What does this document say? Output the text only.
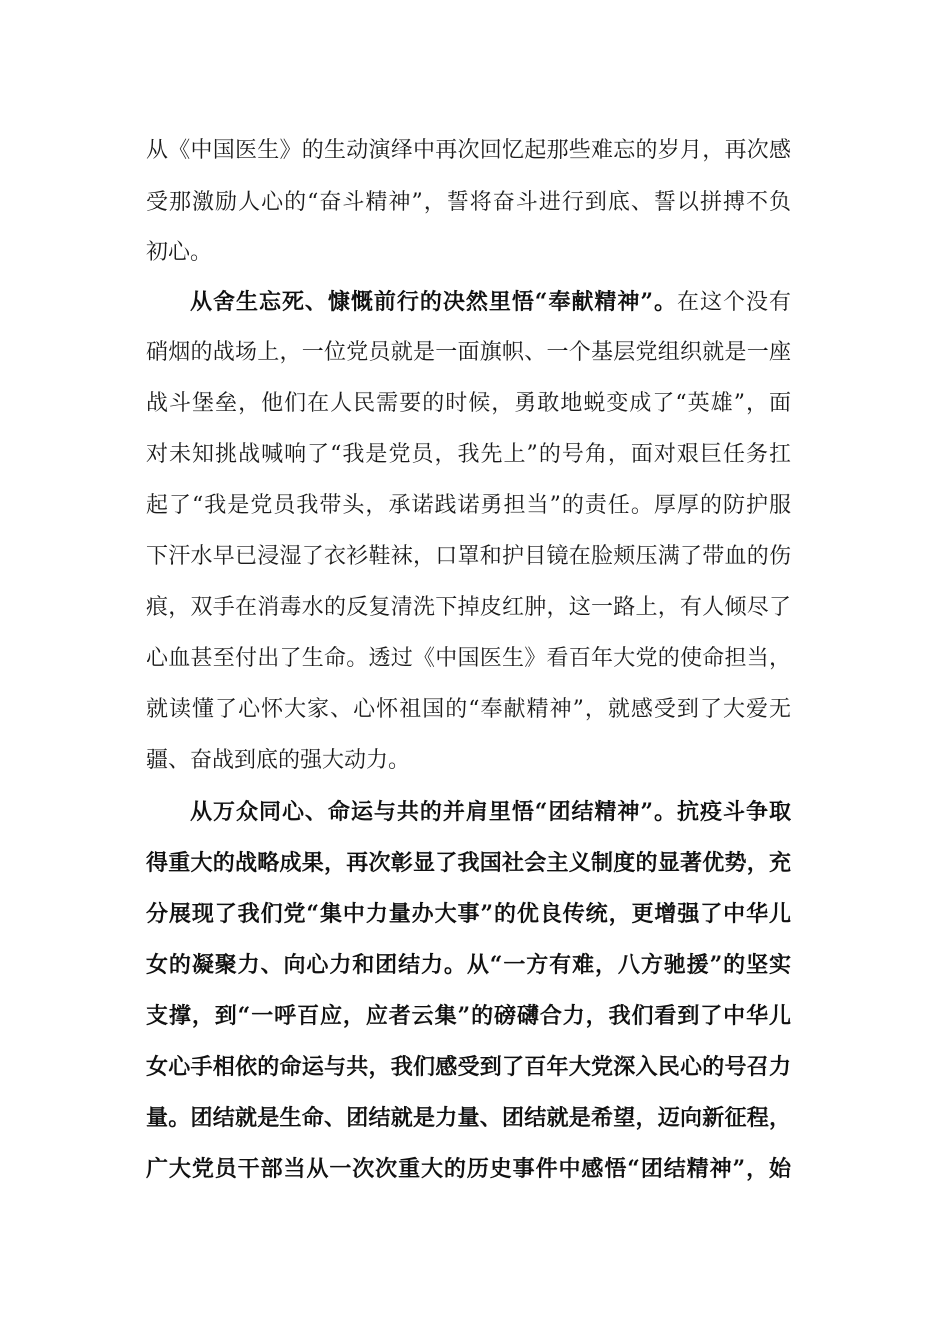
从《中国医生》的生动演绎中再次回忆起那些难忘的岁月，再次感
受那激励人心的“奋斗精神”，誓将奋斗进行到底、誓以拼搏不负
初心。
从舍生忘死、慷慨前行的决然里悟“奉献精神”。在这个没有
硝烟的战场上，一位党员就是一面旗帜、一个基层党组织就是一座
战斗堡垒，他们在人民需要的时候，勇敢地蜕变成了“英雄”，面
对未知挑战喊响了“我是党员，我先上”的号角，面对艰巨任务扛
起了“我是党员我带头，承诺践诺勇担当”的责任。厚厚的防护服
下汗水早已浸湿了衣衫鞋袜，口罩和护目镜在脸颊压满了带血的伤
痕，双手在消毒水的反复清洗下掉皮红肿，这一路上，有人倾尽了
心血甚至付出了生命。透过《中国医生》看百年大党的使命担当，
就读懂了心怀大家、心怀祖国的“奉献精神”，就感受到了大爱无
疆、奋战到底的强大动力。
从万众同心、命运与共的并肩里悟“团结精神”。抗疫斗争取
得重大的战略成果，再次彰显了我国社会主义制度的显著优势，充
分展现了我们党“集中力量办大事”的优良传统，更增强了中华儿
女的凝聚力、向心力和团结力。从“一方有难，八方驰援”的坚实
支撑，到“一呼百应，应者云集”的磅礴合力，我们看到了中华儿
女心手相依的命运与共，我们感受到了百年大党深入民心的号召力
量。团结就是生命、团结就是力量、团结就是希望，迈向新征程，
广大党员干部当从一次次重大的历史事件中感悟“团结精神”，始
